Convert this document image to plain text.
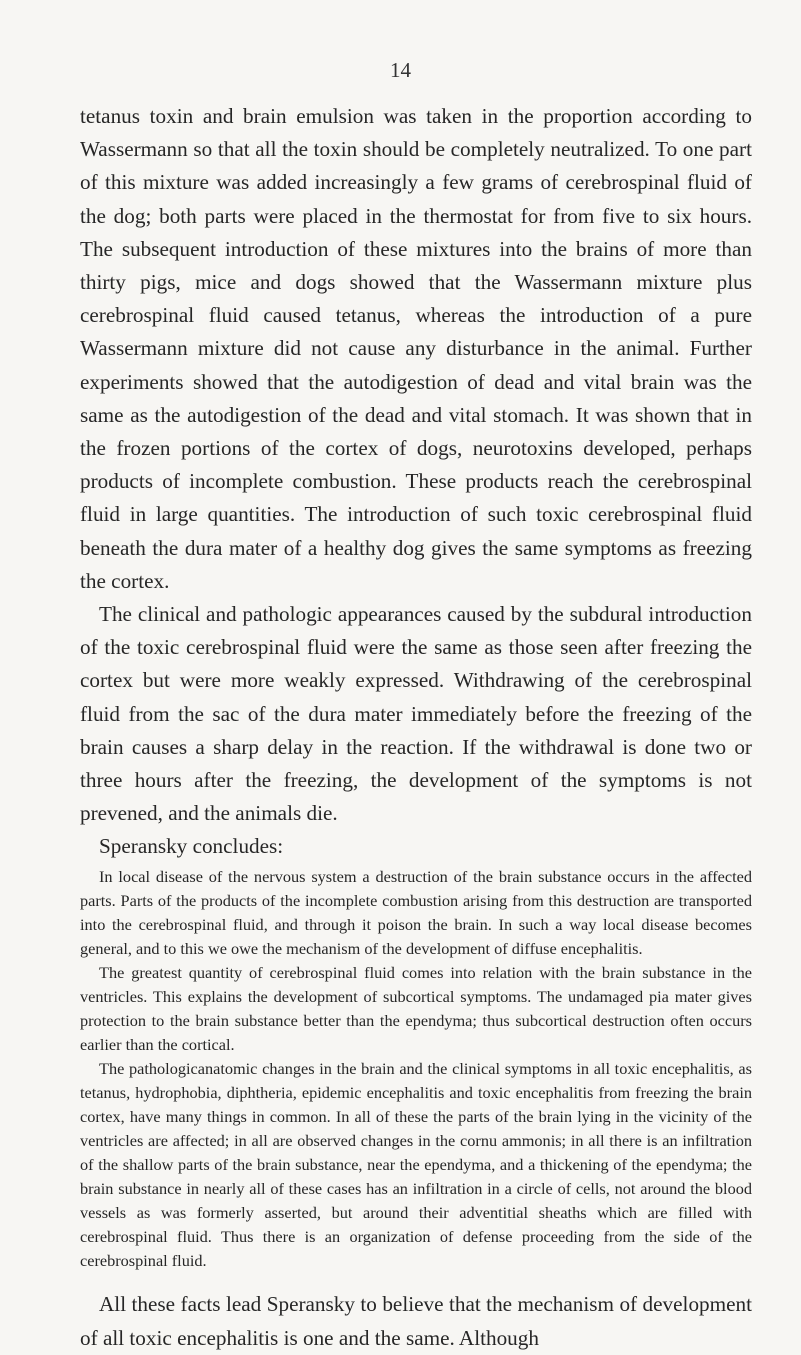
14

tetanus toxin and brain emulsion was taken in the proportion according to Wassermann so that all the toxin should be completely neutralized. To one part of this mixture was added increasingly a few grams of cerebrospinal fluid of the dog; both parts were placed in the thermostat for from five to six hours. The subsequent introduction of these mixtures into the brains of more than thirty pigs, mice and dogs showed that the Wassermann mixture plus cerebrospinal fluid caused tetanus, whereas the introduction of a pure Wassermann mixture did not cause any disturbance in the animal. Further experiments showed that the autodigestion of dead and vital brain was the same as the autodigestion of the dead and vital stomach. It was shown that in the frozen portions of the cortex of dogs, neurotoxins developed, perhaps products of incomplete combustion. These products reach the cerebrospinal fluid in large quantities. The introduction of such toxic cerebrospinal fluid beneath the dura mater of a healthy dog gives the same symptoms as freezing the cortex.

The clinical and pathologic appearances caused by the subdural introduction of the toxic cerebrospinal fluid were the same as those seen after freezing the cortex but were more weakly expressed. Withdrawing of the cerebrospinal fluid from the sac of the dura mater immediately before the freezing of the brain causes a sharp delay in the reaction. If the withdrawal is done two or three hours after the freezing, the development of the symptoms is not prevened, and the animals die.

Speransky concludes:

In local disease of the nervous system a destruction of the brain substance occurs in the affected parts. Parts of the products of the incomplete combustion arising from this destruction are transported into the cerebrospinal fluid, and through it poison the brain. In such a way local disease becomes general, and to this we owe the mechanism of the development of diffuse encephalitis.

The greatest quantity of cerebrospinal fluid comes into relation with the brain substance in the ventricles. This explains the development of subcortical symptoms. The undamaged pia mater gives protection to the brain substance better than the ependyma; thus subcortical destruction often occurs earlier than the cortical.

The pathologicanatomic changes in the brain and the clinical symptoms in all toxic encephalitis, as tetanus, hydrophobia, diphtheria, epidemic encephalitis and toxic encephalitis from freezing the brain cortex, have many things in common. In all of these the parts of the brain lying in the vicinity of the ventricles are affected; in all are observed changes in the cornu ammonis; in all there is an infiltration of the shallow parts of the brain substance, near the ependyma, and a thickening of the ependyma; the brain substance in nearly all of these cases has an infiltration in a circle of cells, not around the blood vessels as was formerly asserted, but around their adventitial sheaths which are filled with cerebrospinal fluid. Thus there is an organization of defense proceeding from the side of the cerebrospinal fluid.

All these facts lead Speransky to believe that the mechanism of development of all toxic encephalitis is one and the same. Although
